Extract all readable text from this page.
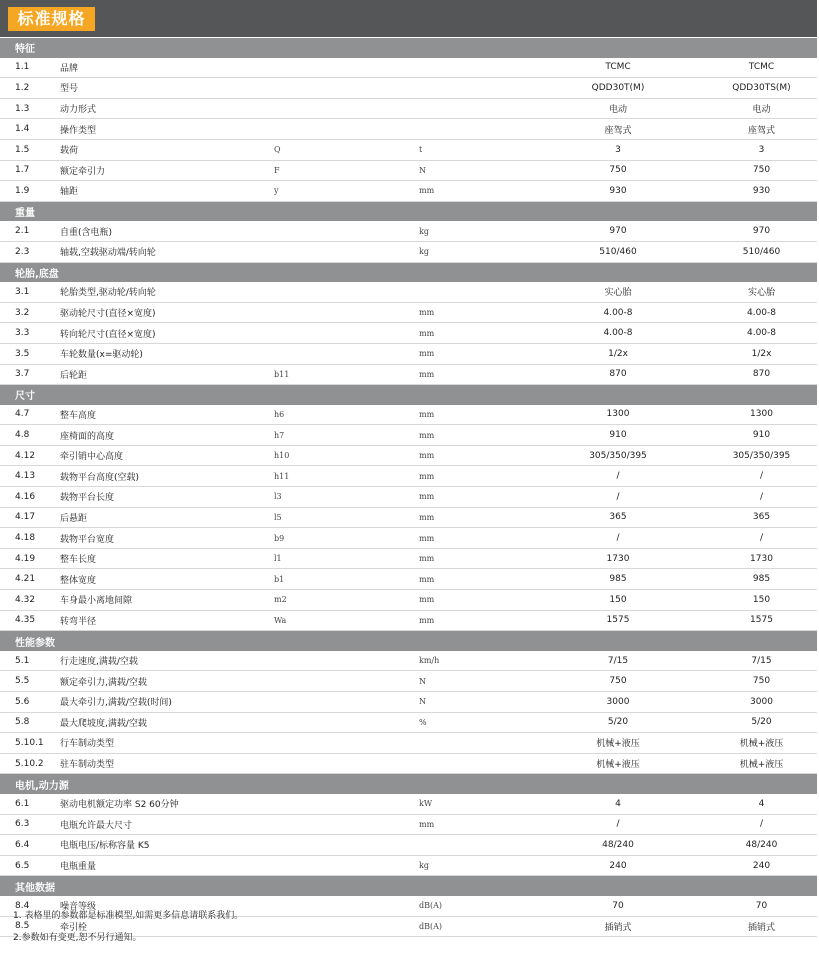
标准规格
特征						
1.1	品牌				TCMC	TCMC
1.2	型号				QDD30T(M)	QDD30TS(M)
1.3	动力形式				电动	电动
1.4	操作类型				座驾式	座驾式
1.5	载荷		Q	t	3	3
1.7	额定牵引力		F	N	750	750
1.9	轴距		y	mm	930	930
重量						
2.1	自重(含电瓶)			kg	970	970
2.3	轴载,空载驱动端/转向轮			kg	510/460	510/460
轮胎,底盘						
3.1	轮胎类型,驱动轮/转向轮				实心胎	实心胎
3.2	驱动轮尺寸(直径×宽度)			mm	4.00-8	4.00-8
3.3	转向轮尺寸(直径×宽度)			mm	4.00-8	4.00-8
3.5	车轮数量(x=驱动轮)			mm	1/2x	1/2x
3.7	后轮距		b11	mm	870	870
尺寸						
4.7	整车高度		h6	mm	1300	1300
4.8	座椅面的高度		h7	mm	910	910
4.12	牵引销中心高度		h10	mm	305/350/395	305/350/395
4.13	载物平台高度(空载)		h11	mm	/	/
4.16	载物平台长度		l3	mm	/	/
4.17	后悬距		l5	mm	365	365
4.18	载物平台宽度		b9	mm	/	/
4.19	整车长度		l1	mm	1730	1730
4.21	整体宽度		b1	mm	985	985
4.32	车身最小离地间隙		m2	mm	150	150
4.35	转弯半径		Wa	mm	1575	1575
性能参数						
5.1	行走速度,满载/空载			km/h	7/15	7/15
5.5	额定牵引力,满载/空载			N	750	750
5.6	最大牵引力,满载/空载(时间)			N	3000	3000
5.8	最大爬坡度,满载/空载			%	5/20	5/20
5.10.1	行车制动类型				机械+液压	机械+液压
5.10.2	驻车制动类型				机械+液压	机械+液压
电机,动力源						
6.1	驱动电机额定功率 S2 60分钟			kW	4	4
6.3	电瓶允许最大尺寸			mm	/	/
6.4	电瓶电压/标称容量 K5				48/240	48/240
6.5	电瓶重量			kg	240	240
其他数据						
8.4	噪音等级			dB(A)	70	70
8.5	牵引栓			dB(A)	插销式	插销式
1. 表格里的参数都是标准模型,如需更多信息请联系我们。
2.参数如有变更,恕不另行通知。
